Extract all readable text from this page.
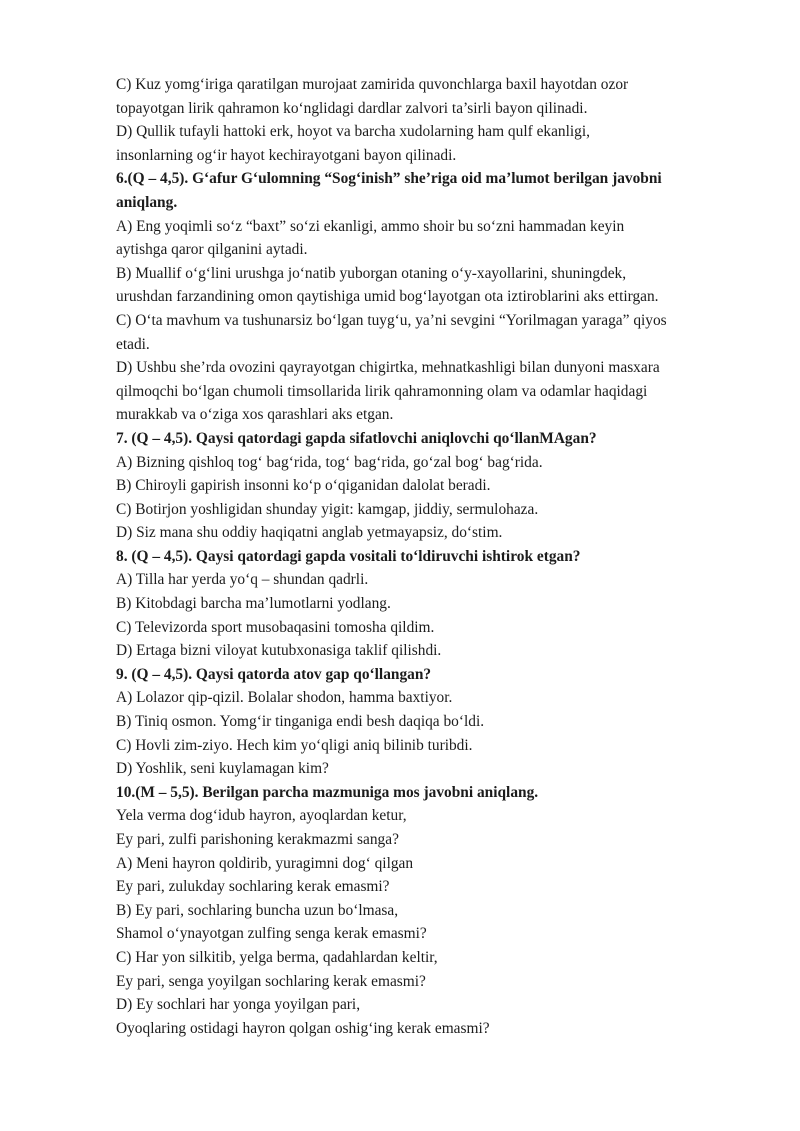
C) Kuz yomg‘iriga qaratilgan murojaat zamirida quvonchlarga baxil hayotdan ozor
topayotgan lirik qahramon ko‘nglidagi dardlar zalvori ta’sirli bayon qilinadi.
D) Qullik tufayli hattoki erk, hoyot va barcha xudolarning ham qulf ekanligi,
insonlarning og‘ir hayot kechirayotgani bayon qilinadi.
6.(Q – 4,5). G‘afur G‘ulomning “Sog‘inish” she’riga oid ma’lumot berilgan javobni
aniqlang.
A) Eng yoqimli so‘z “baxt” so‘zi ekanligi, ammo shoir bu so‘zni hammadan keyin
aytishga qaror qilganini aytadi.
B) Muallif o‘g‘lini urushga jo‘natib yuborgan otaning o‘y-xayollarini, shuningdek,
urushdan farzandining omon qaytishiga umid bog‘layotgan ota iztiroblarini aks ettirgan.
C) O‘ta mavhum va tushunarsiz bo‘lgan tuyg‘u, ya’ni sevgini “Yorilmagan yaraga” qiyos
etadi.
D) Ushbu she’rda ovozini qayrayotgan chigirtka, mehnatkashligi bilan dunyoni masxara
qilmoqchi bo‘lgan chumoli timsollarida lirik qahramonning olam va odamlar haqidagi
murakkab va o‘ziga xos qarashlari aks etgan.
7. (Q – 4,5). Qaysi qatordagi gapda sifatlovchi aniqlovchi qo‘llanMAgan?
A) Bizning qishloq tog‘ bag‘rida, tog‘ bag‘rida, go‘zal bog‘ bag‘rida.
B) Chiroyli gapirish insonni ko‘p o‘qiganidan dalolat beradi.
C) Botirjon yoshligidan shunday yigit: kamgap, jiddiy, sermulohaza.
D) Siz mana shu oddiy haqiqatni anglab yetmayapsiz, do‘stim.
8. (Q – 4,5). Qaysi qatordagi gapda vositali to‘ldiruvchi ishtirok etgan?
A) Tilla har yerda yo‘q – shundan qadrli.
B) Kitobdagi barcha ma’lumotlarni yodlang.
C) Televizorda sport musobaqasini tomosha qildim.
D) Ertaga bizni viloyat kutubxonasiga taklif qilishdi.
9. (Q – 4,5). Qaysi qatorda atov gap qo‘llangan?
A) Lolazor qip-qizil. Bolalar shodon, hamma baxtiyor.
B) Tiniq osmon. Yomg‘ir tinganiga endi besh daqiqa bo‘ldi.
C) Hovli zim-ziyo. Hech kim yo‘qligi aniq bilinib turibdi.
D) Yoshlik, seni kuylamagan kim?
10.(M – 5,5). Berilgan parcha mazmuniga mos javobni aniqlang.
Yela verma dog‘idub hayron, ayoqlardan ketur,
Ey pari, zulfi parishoning kerakmazmi sanga?
A) Meni hayron qoldirib, yuragimni dog‘ qilgan
Ey pari, zulukday sochlaring kerak emasmi?
B) Ey pari, sochlaring buncha uzun bo‘lmasa,
Shamol o‘ynayotgan zulfing senga kerak emasmi?
C) Har yon silkitib, yelga berma, qadahlardan keltir,
Ey pari, senga yoyilgan sochlaring kerak emasmi?
D) Ey sochlari har yonga yoyilgan pari,
Oyoqlaring ostidagi hayron qolgan oshig‘ing kerak emasmi?
